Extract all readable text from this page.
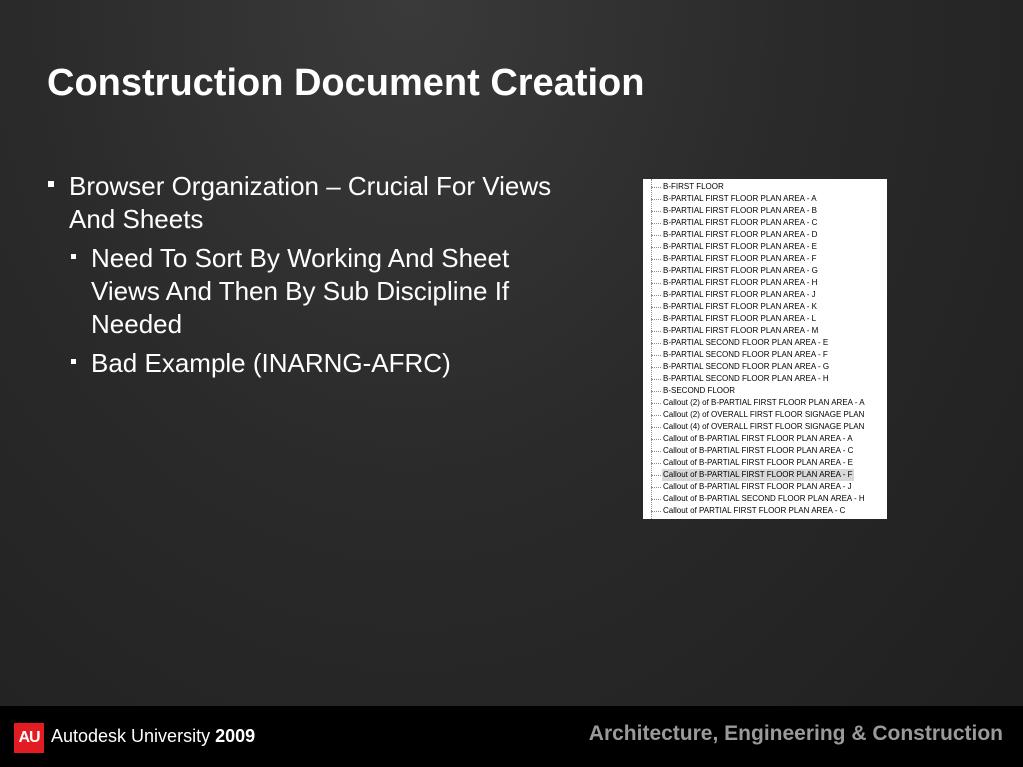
Construction Document Creation
Browser Organization – Crucial For Views And Sheets
Need To Sort By Working And Sheet Views And Then By Sub Discipline If Needed
Bad Example (INARNG-AFRC)
B-FIRST FLOOR
B-PARTIAL FIRST FLOOR PLAN AREA - A
B-PARTIAL FIRST FLOOR PLAN AREA - B
B-PARTIAL FIRST FLOOR PLAN AREA - C
B-PARTIAL FIRST FLOOR PLAN AREA - D
B-PARTIAL FIRST FLOOR PLAN AREA - E
B-PARTIAL FIRST FLOOR PLAN AREA - F
B-PARTIAL FIRST FLOOR PLAN AREA - G
B-PARTIAL FIRST FLOOR PLAN AREA - H
B-PARTIAL FIRST FLOOR PLAN AREA - J
B-PARTIAL FIRST FLOOR PLAN AREA - K
B-PARTIAL FIRST FLOOR PLAN AREA - L
B-PARTIAL FIRST FLOOR PLAN AREA - M
B-PARTIAL SECOND FLOOR PLAN AREA - E
B-PARTIAL SECOND FLOOR PLAN AREA - F
B-PARTIAL SECOND FLOOR PLAN AREA - G
B-PARTIAL SECOND FLOOR PLAN AREA - H
B-SECOND FLOOR
Callout (2) of B-PARTIAL FIRST FLOOR PLAN AREA - A
Callout (2) of OVERALL FIRST FLOOR SIGNAGE PLAN
Callout (4) of OVERALL FIRST FLOOR SIGNAGE PLAN
Callout of B-PARTIAL FIRST FLOOR PLAN AREA - A
Callout of B-PARTIAL FIRST FLOOR PLAN AREA - C
Callout of B-PARTIAL FIRST FLOOR PLAN AREA - E
Callout of B-PARTIAL FIRST FLOOR PLAN AREA - F
Callout of B-PARTIAL FIRST FLOOR PLAN AREA - J
Callout of B-PARTIAL SECOND FLOOR PLAN AREA - H
Callout of PARTIAL FIRST FLOOR PLAN AREA - C
AU Autodesk University 2009	Architecture, Engineering & Construction
